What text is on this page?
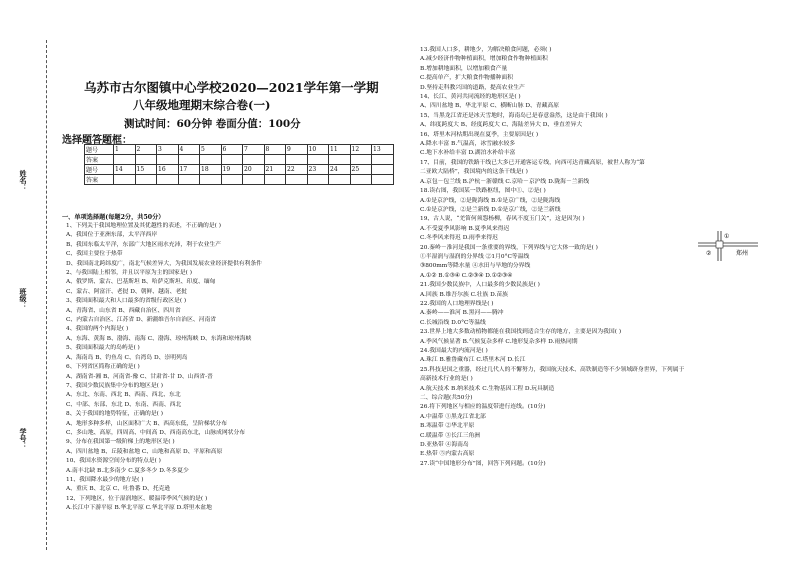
姓名：
班级：
学号：
乌苏市古尔图镇中心学校2020—2021学年第一学期
八年级地理期末综合卷(一)
测试时间：60分钟 卷面分值：100分
选择题答题框：
题号	1	2	3	4	5	6	7	8	9	10	11	12	13
答案													
题号	14	15	16	17	18	19	20	21	22	23	24	25	
答案													
一、单项选择题(每题2分，共50分）
1、下列关于我国地理位置及其优越性的表述，不正确的是( )
A、我国位于亚洲东部，太平洋西岸
B、我国东临太平洋，东部广大地区雨水充沛，利于农业生产
C、我国主要位于热带
D、我国南北跨纬度广，南北气候差异大，为我国发展农业经济提供有利条件
2、与我国陆上相邻，并且以平原为主的国家是( )
A、俄罗斯、蒙古、巴基斯坦 B、哈萨克斯坦、印度、缅甸
C、蒙古、阿富汗、老挝 D、朝鲜、越南、老挝
3、我国面积最大和人口最多的省级行政区是( )
A、青海省、山东省 B、西藏自治区、四川省
C、内蒙古自治区、江苏省 D、新疆维吾尔自治区、河南省
4、我国的两个内海是( )
A、东海、黄海 B、渤海、南海 C、渤海、琼州海峡 D、东海和琼州海峡
5、我国面积最大的岛屿是( )
A、海南岛 B、钓鱼岛 C、台湾岛 D、崇明列岛
6、下列省区简称正确的是( )
A、湖南省-湘 B、河南省-豫 C、甘肃省-甘 D、山西省-晋
7、我国少数民族集中分布的地区是( )
A、东北、东南、西北 B、西南、西北、东北
C、中部、东部、东北 D、东南、西南、西北
8、关于我国的地势特征，正确的是( )
A、地形多种多样，山区面积广大 B、西高东低，呈阶梯状分布
C、多山地、高原，四周高、中间高 D、西南高东北，山脉成网状分布
9、分布在我国第一级阶梯上的地形区是( )
A、四川盆地 B、丘陵和盆地 C、山地和高原 D、平原和高原
10、我国水资源空间分布的特点是( )
A.南丰北缺 B.北多南少 C.夏多冬少 D.冬多夏少
11、我国降水最少的地方是( )
A、重庆 B、北京 C、吐鲁番 D、托克逊
12、下列地区，位于湿润地区、暖温带季风气候的是( )
A.长江中下游平原 B.华北平原 C.华北平原 D.塔里木盆地
13.我国人口多，耕地少，为解决粮食问题，必须( )
A.减少经济作物种植面积，增加粮食作物种植面积
B.增加耕地面积，以增加粮食产量
C.提高单产，扩大粮食作物播种面积
D.坚持走科教兴国的道路，提高农业生产
14、长江、黄河共同流经的地形区是( )
A、四川盆地 B、华北平原 C、横断山脉 D、青藏高原
15、当黑龙江省还是冰天雪地时，海南岛已是春意盎然，这是由于我国( )
A、纬度跨度大 B、经度跨度大 C、海陆差异大 D、垂直差异大
16、塔里木河枯期出现在夏季，主要原因是( )
A.降水丰富 B.气温高，冰雪融水较多
C.地下水补给丰富 D.湖泊水补给丰富
17、目前，我国的铁路干线已大多已开通客运专线，向西可达青藏高原，被世人称为“第
二亚欧大陆桥”，我国境内的这条干线是( )
A.京包－包兰线 B.沪杭－浙赣线 C.京哈－京沪线 D.陇海－兰新线
18.读右图，我国某一铁路枢纽，图中①、②是( )
A.①是京沪线，②是陇海线 B.①是京广线，②是陇海线
C.①是京沪线，②是兰新线 D.①是京广线，②是兰新线
19、古人说，“羌笛何须怨杨柳，春风不度玉门关”，这是因为( )
A.不受夏季风影响 B.夏季风来得迟
C.冬季风来得迟 D.雨季来得迟
20.秦岭－淮河是我国一条重要的界线，下列界线与它大体一致的是( )
①半湿润与湿润的分界线 ②1月0°C等温线
③800mm等降水量 ④水田与旱地的分界线
A.①② B.①③④ C.②③④ D.①②③④
21.我国少数民族中，人口最多的少数民族是( )
A.回族 B.维吾尔族 C.壮族 D.苗族
22.我国的人口地理界线是( )
A.秦岭——淮河 B.黑河——腾冲
C.长城沿线 D.0°C等温线
23.世界上地大多数动植物都能在我国找到适合生存的地方，主要是因为我国( )
A.季风气候显著 B.气候复杂多样 C.地形复杂多样 D.雨热同期
24.我国最大的内流河是( )
A.珠江 B.雅鲁藏布江 C.塔里木河 D.长江
25.科技是国之重器，经过几代人的不懈努力，我国航天技术、高铁制造等不少领域跻身世界，下列属于
高新技术行业的是( )
A.航天技术 B.纳米技术 C.生物基因工程 D.玩具制造
二、综合题(共50分)
26.将下列地区与相应的温度带进行连线。(10分)
A.中温带 ①黑龙江省北部
B.寒温带 ②华北平原
C.暖温带 ③长江三角洲
D.亚热带 ④海南岛
E.热带 ⑤内蒙古高原
27.读“中国地形分布”图，回答下列问题。(10分)
②
①
郑州
